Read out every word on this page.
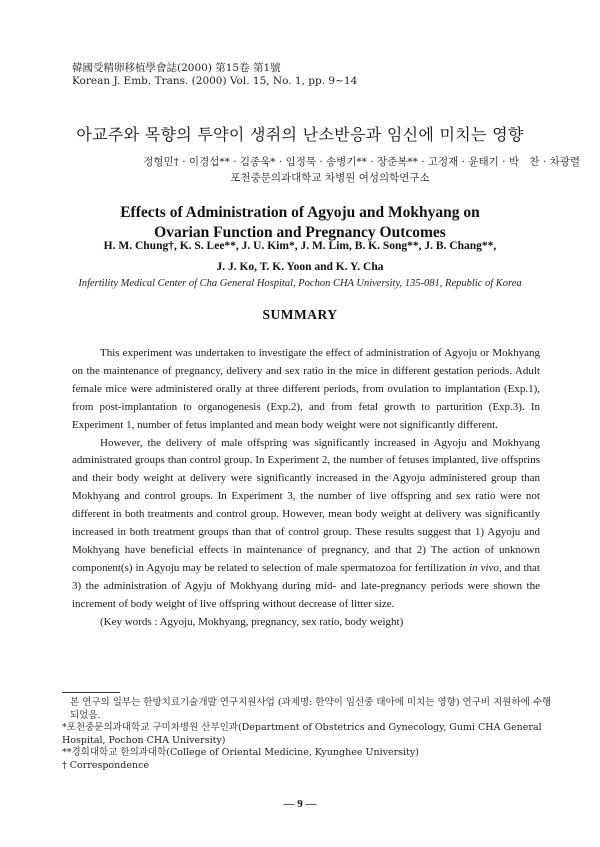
韓國受精卵移植學會誌(2000) 第15卷 第1號
Korean J. Emb. Trans. (2000) Vol. 15, No. 1, pp. 9~14
아교주와 목향의 투약이 생쥐의 난소반응과 임신에 미치는 영향
정형민† · 이경섭** · 김종욱* · 임정묵 · 송병기** · 장준복** · 고정재 · 윤태기 · 박　찬 · 차광렬
포천중문의과대학교 차병원 여성의학연구소
Effects of Administration of Agyoju and Mokhyang on
Ovarian Function and Pregnancy Outcomes
H. M. Chung†, K. S. Lee**, J. U. Kim*, J. M. Lim, B. K. Song**, J. B. Chang**,
J. J. Ko, T. K. Yoon and K. Y. Cha
Infertility Medical Center of Cha General Hospital, Pochon CHA University, 135-081, Republic of Korea
SUMMARY

This experiment was undertaken to investigate the effect of administration of Agyoju or Mokhyang on the maintenance of pregnancy, delivery and sex ratio in the mice in different gestation periods. Adult female mice were administered orally at three different periods, from ovulation to implantation (Exp.1), from post-implantation to organogenesis (Exp.2), and from fetal growth to parturition (Exp.3). In Experiment 1, number of fetus implanted and mean body weight were not significantly different.

However, the delivery of male offspring was significantly increased in Agyoju and Mokhyang administrated groups than control group. In Experiment 2, the number of fetuses implanted, live offsprins and their body weight at delivery were significantly increased in the Agyoju administered group than Mokhyang and control groups. In Experiment 3, the number of live offspring and sex ratio were not different in both treatments and control group. However, mean body weight at delivery was significantly increased in both treatment groups than that of control group. These results suggest that 1) Agyoju and Mokhyang have beneficial effects in maintenance of pregnancy, and that 2) The action of unknown component(s) in Agyoju may be related to selection of male spermatozoa for fertilization in vivo, and that 3) the administration of Agyju of Mokhyang during mid- and late-pregnancy periods were shown the increment of body weight of live offspring without decrease of litter size.

(Key words : Agyoju, Mokhyang, pregnancy, sex ratio, body weight)

본 연구의 일부는 한방치료기술개발 연구지원사업 (과제명: 한약이 임신중 태아에 미치는 영향) 연구비 지원하에 수행되었음.
*포천중문의과대학교 구미차병원 산부인과(Department of Obstetrics and Gynecology, Gumi CHA General Hospital, Pochon CHA University)
**경희대학교 한의과대학(College of Oriental Medicine, Kyunghee University)
† Correspondence
— 9 —
